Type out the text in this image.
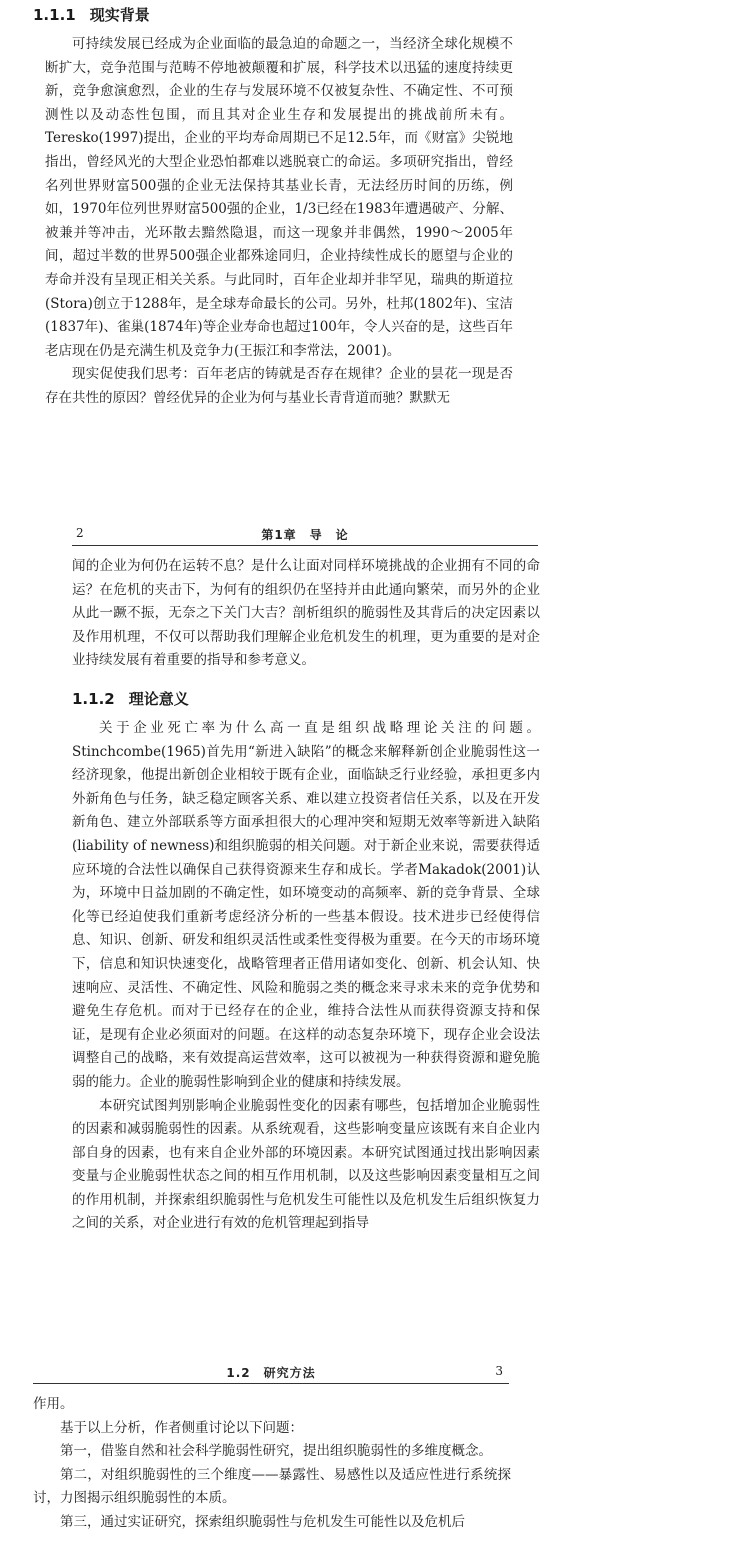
1.1.1 现实背景

可持续发展已经成为企业面临的最急迫的命题之一，当经济全球化规模不断扩大，竞争范围与范畴不停地被颠覆和扩展，科学技术以迅猛的速度持续更新，竞争愈演愈烈，企业的生存与发展环境不仅被复杂性、不确定性、不可预测性以及动态性包围，而且其对企业生存和发展提出的挑战前所未有。Teresko(1997)提出，企业的平均寿命周期已不足12.5年，而《财富》尖锐地指出，曾经风光的大型企业恐怕都难以逃脱衰亡的命运。多项研究指出，曾经名列世界财富500强的企业无法保持其基业长青，无法经历时间的历练，例如，1970年位列世界财富500强的企业，1/3已经在1983年遭遇破产、分解、被兼并等冲击，光环散去黯然隐退，而这一现象并非偶然，1990～2005年间，超过半数的世界500强企业都殊途同归，企业持续性成长的愿望与企业的寿命并没有呈现正相关关系。与此同时，百年企业却并非罕见，瑞典的斯道拉(Stora)创立于1288年，是全球寿命最长的公司。另外，杜邦(1802年)、宝洁(1837年)、雀巢(1874年)等企业寿命也超过100年，令人兴奋的是，这些百年老店现在仍是充满生机及竞争力(王振江和李常法，2001)。

现实促使我们思考：百年老店的铸就是否存在规律？企业的昙花一现是否存在共性的原因？曾经优异的企业为何与基业长青背道而驰？默默无

2	第1章　导　论

闻的企业为何仍在运转不息？是什么让面对同样环境挑战的企业拥有不同的命运？在危机的夹击下，为何有的组织仍在坚持并由此通向繁荣，而另外的企业从此一蹶不振，无奈之下关门大吉？剖析组织的脆弱性及其背后的决定因素以及作用机理，不仅可以帮助我们理解企业危机发生的机理，更为重要的是对企业持续发展有着重要的指导和参考意义。

1.1.2 理论意义

关于企业死亡率为什么高一直是组织战略理论关注的问题。Stinchcombe(1965)首先用“新进入缺陷”的概念来解释新创企业脆弱性这一经济现象，他提出新创企业相较于既有企业，面临缺乏行业经验，承担更多内外新角色与任务，缺乏稳定顾客关系、难以建立投资者信任关系，以及在开发新角色、建立外部联系等方面承担很大的心理冲突和短期无效率等新进入缺陷(liability of newness)和组织脆弱的相关问题。对于新企业来说，需要获得适应环境的合法性以确保自己获得资源来生存和成长。学者Makadok(2001)认为，环境中日益加剧的不确定性，如环境变动的高频率、新的竞争背景、全球化等已经迫使我们重新考虑经济分析的一些基本假设。技术进步已经使得信息、知识、创新、研发和组织灵活性或柔性变得极为重要。在今天的市场环境下，信息和知识快速变化，战略管理者正借用诸如变化、创新、机会认知、快速响应、灵活性、不确定性、风险和脆弱之类的概念来寻求未来的竞争优势和避免生存危机。而对于已经存在的企业，维持合法性从而获得资源支持和保证，是现有企业必须面对的问题。在这样的动态复杂环境下，现存企业会设法调整自己的战略，来有效提高运营效率，这可以被视为一种获得资源和避免脆弱的能力。企业的脆弱性影响到企业的健康和持续发展。

本研究试图判别影响企业脆弱性变化的因素有哪些，包括增加企业脆弱性的因素和减弱脆弱性的因素。从系统观看，这些影响变量应该既有来自企业内部自身的因素，也有来自企业外部的环境因素。本研究试图通过找出影响因素变量与企业脆弱性状态之间的相互作用机制，以及这些影响因素变量相互之间的作用机制，并探索组织脆弱性与危机发生可能性以及危机发生后组织恢复力之间的关系，对企业进行有效的危机管理起到指导

1.2　研究方法	3

作用。

基于以上分析，作者侧重讨论以下问题：

第一，借鉴自然和社会科学脆弱性研究，提出组织脆弱性的多维度概念。

第二，对组织脆弱性的三个维度——暴露性、易感性以及适应性进行系统探讨，力图揭示组织脆弱性的本质。

第三，通过实证研究，探索组织脆弱性与危机发生可能性以及危机后
